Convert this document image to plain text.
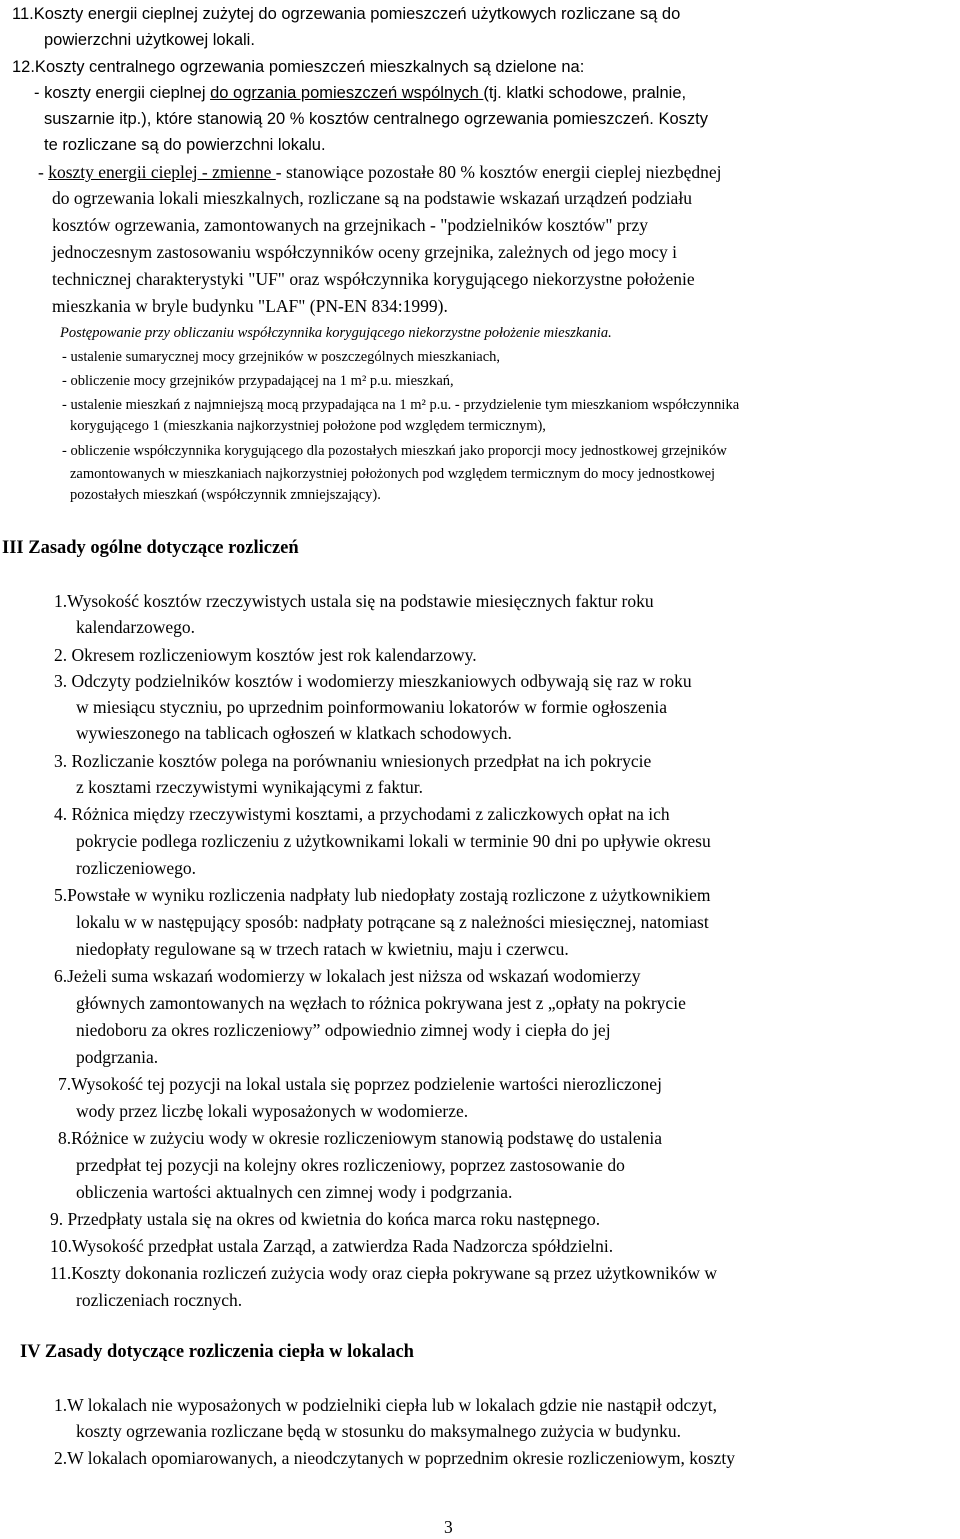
11.Koszty energii cieplnej zużytej do ogrzewania pomieszczeń użytkowych rozliczane są do
powierzchni użytkowej lokali.
12.Koszty centralnego ogrzewania pomieszczeń mieszkalnych są dzielone na:
- koszty energii cieplnej do ogrzania pomieszczeń wspólnych (tj. klatki schodowe, pralnie,
suszarnie itp.), które stanowią 20 % kosztów centralnego ogrzewania pomieszczeń. Koszty
te rozliczane są do powierzchni lokalu.
- koszty energii cieplej - zmienne - stanowiące pozostałe 80 % kosztów energii cieplej niezbędnej
do ogrzewania lokali mieszkalnych, rozliczane są na podstawie wskazań urządzeń podziału
kosztów ogrzewania, zamontowanych na grzejnikach - "podzielników kosztów" przy
jednoczesnym zastosowaniu współczynników oceny grzejnika, zależnych od jego mocy i
technicznej charakterystyki "UF" oraz współczynnika korygującego niekorzystne położenie
mieszkania w bryle budynku "LAF" (PN-EN 834:1999).
Postępowanie przy obliczaniu współczynnika korygującego niekorzystne położenie mieszkania.
- ustalenie sumarycznej mocy grzejników w poszczególnych mieszkaniach,
- obliczenie mocy grzejników przypadającej na 1 m² p.u. mieszkań,
- ustalenie mieszkań z najmniejszą mocą przypadająca na 1 m² p.u. - przydzielenie tym mieszkaniom współczynnika
korygującego 1 (mieszkania najkorzystniej położone pod względem termicznym),
- obliczenie współczynnika korygującego dla pozostałych mieszkań jako proporcji mocy jednostkowej grzejników
zamontowanych w mieszkaniach najkorzystniej położonych pod względem termicznym do mocy jednostkowej
pozostałych mieszkań (współczynnik zmniejszający).
III Zasady ogólne dotyczące rozliczeń
1.Wysokość kosztów rzeczywistych ustala się na podstawie miesięcznych faktur roku
kalendarzowego.
2. Okresem rozliczeniowym kosztów jest rok kalendarzowy.
3. Odczyty podzielników kosztów i wodomierzy mieszkaniowych odbywają się raz w roku
w miesiącu styczniu, po uprzednim poinformowaniu lokatorów w formie ogłoszenia
wywieszonego na tablicach ogłoszeń w klatkach schodowych.
3. Rozliczanie kosztów polega na porównaniu wniesionych przedpłat na ich pokrycie
z kosztami rzeczywistymi wynikającymi z faktur.
4. Różnica między rzeczywistymi kosztami, a przychodami z zaliczkowych opłat na ich
pokrycie podlega rozliczeniu z użytkownikami lokali w terminie 90 dni po upływie okresu
rozliczeniowego.
5.Powstałe w wyniku rozliczenia nadpłaty lub niedopłaty zostają rozliczone z użytkownikiem
lokalu w w następujący sposób: nadpłaty potrącane są z należności miesięcznej, natomiast
niedopłaty regulowane są w trzech ratach w kwietniu, maju i czerwcu.
6.Jeżeli suma wskazań wodomierzy w lokalach jest niższa od wskazań wodomierzy
głównych zamontowanych na węzłach to różnica pokrywana jest z „opłaty na pokrycie
niedoboru za okres rozliczeniowy” odpowiednio zimnej wody i ciepła do jej
podgrzania.
7.Wysokość tej pozycji na lokal ustala się poprzez podzielenie wartości nierozliczonej
wody przez liczbę lokali wyposażonych w wodomierze.
8.Różnice w zużyciu wody w okresie rozliczeniowym stanowią podstawę do ustalenia
przedpłat tej pozycji na kolejny okres rozliczeniowy, poprzez zastosowanie do
obliczenia wartości aktualnych cen zimnej wody i podgrzania.
9. Przedpłaty ustala się na okres od kwietnia do końca marca roku następnego.
10.Wysokość przedpłat ustala Zarząd, a zatwierdza Rada Nadzorcza spółdzielni.
11.Koszty dokonania rozliczeń zużycia wody oraz ciepła pokrywane są przez użytkowników w
rozliczeniach rocznych.
IV Zasady dotyczące rozliczenia ciepła w lokalach
1.W lokalach nie wyposażonych w podzielniki ciepła lub w lokalach gdzie nie nastąpił odczyt,
koszty ogrzewania rozliczane będą w stosunku do maksymalnego zużycia w budynku.
2.W lokalach opomiarowanych, a nieodczytanych w poprzednim okresie rozliczeniowym, koszty
3
